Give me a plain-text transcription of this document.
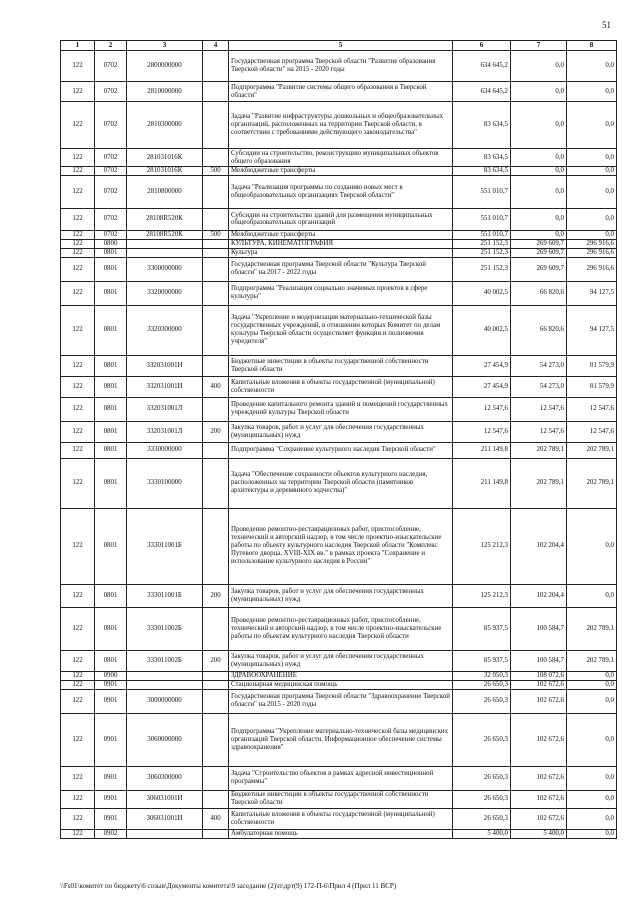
51
1	2	3	4	5	6	7	8
122	0702	2800000000		Государственная программа Тверской области "Развитие образования Тверской области" на 2015 - 2020 годы	634 645,2	0,0	0,0
122	0702	2810000000		Подпрограмма "Развитие системы общего образования в Тверской области"	634 645,2	0,0	0,0
122	0702	2810300000		Задача "Развитие инфраструктуры дошкольных и общеобразовательных организаций, расположенных на территории Тверской области, в соответствии с требованиями действующего законодательства"	83 634,5	0,0	0,0
122	0702	281031016К		Субсидии на строительство, реконструкцию муниципальных объектов общего образования	83 634,5	0,0	0,0
122	0702	281031016К	500	Межбюджетные трансферты	83 634,5	0,0	0,0
122	0702	2810800000		Задача "Реализация программы по созданию новых мест в общеобразовательных организациях Тверской области"	551 010,7	0,0	0,0
122	0702	28108R520К		Субсидии на строительство зданий для размещения муниципальных общеобразовательных организаций	551 010,7	0,0	0,0
122	0702	28108R520К	500	Межбюджетные трансферты	551 010,7	0,0	0,0
122	0800			КУЛЬТУРА, КИНЕМАТОГРАФИЯ	251 152,3	269 609,7	296 916,6
122	0801			Культура	251 152,3	269 609,7	296 916,6
122	0801	3300000000		Государственная программа Тверской области "Культура Тверской области" на 2017 - 2022 годы	251 152,3	269 609,7	296 916,6
122	0801	3320000000		Подпрограмма "Реализация социально значимых проектов в сфере культуры"	40 002,5	66 820,6	94 127,5
122	0801	3320300000		Задача "Укрепление и модернизация материально-технической базы государственных учреждений, в отношении которых Комитет по делам культуры Тверской области осуществляет функции и полномочия учредителя"	40 002,5	66 820,6	94 127,5
122	0801	332031001И		Бюджетные инвестиции в объекты государственной собственности Тверской области	27 454,9	54 273,0	81 579,9
122	0801	332031001И	400	Капитальные вложения в объекты государственной (муниципальной) собственности	27 454,9	54 273,0	81 579,9
122	0801	332031001Л		Проведение капитального ремонта зданий и помещений государственных учреждений культуры Тверской области	12 547,6	12 547,6	12 547,6
122	0801	332031001Л	200	Закупка товаров, работ и услуг для обеспечения государственных (муниципальных) нужд	12 547,6	12 547,6	12 547,6
122	0801	3330000000		Подпрограмма "Сохранение культурного наследия Тверской области"	211 149,8	202 789,1	202 789,1
122	0801	3330100000		Задача "Обеспечение сохранности объектов культурного наследия, расположенных на территории Тверской области (памятников архитектуры и деревянного зодчества)"	211 149,8	202 789,1	202 789,1
122	0801	333011001Б		Проведение ремонтно-реставрационных работ, приспособление, технический и авторский надзор, в том числе проектно-изыскательские работы по объекту культурного наследия Тверской области "Комплекс Путевого дворца, XVIII-XIX вв." в рамках проекта "Сохранение и использование культурного наследия в России"	125 212,3	102 204,4	0,0
122	0801	333011001Б	200	Закупка товаров, работ и услуг для обеспечения государственных (муниципальных) нужд	125 212,3	102 204,4	0,0
122	0801	333011002Б		Проведение ремонтно-реставрационных работ, приспособление, технический и авторский надзор, в том числе проектно-изыскательские работы по объектам культурного наследия Тверской области	85 937,5	100 584,7	202 789,1
122	0801	333011002Б	200	Закупка товаров, работ и услуг для обеспечения государственных (муниципальных) нужд	85 937,5	100 584,7	202 789,1
122	0900			ЗДРАВООХРАНЕНИЕ	32 050,3	108 072,6	0,0
122	0901			Стационарная медицинская помощь	26 650,3	102 672,6	0,0
122	0901	3000000000		Государственная программа Тверской области "Здравоохранение Тверской области" на 2015 - 2020 годы	26 650,3	102 672,6	0,0
122	0901	3060000000		Подпрограмма "Укрепление материально-технической базы медицинских организаций Тверской области. Информационное обеспечение системы здравоохранения"	26 650,3	102 672,6	0,0
122	0901	3060300000		Задача "Строительство объектов в рамках адресной инвестиционной программы"	26 650,3	102 672,6	0,0
122	0901	306031001И		Бюджетные инвестиции в объекты государственной собственности Тверской области	26 650,3	102 672,6	0,0
122	0901	306031001И	400	Капитальные вложения в объекты государственной (муниципальной) собственности	26 650,3	102 672,6	0,0
122	0902			Амбулаторная помощь	5 400,0	5 400,0	0,0
\\Fs01\комитет по бюджету\6 созыв\Документы комитета\9 заседание (2)\п\дрт(9) 172-П-6\Прил 4 (Прил 11 ВСР)
